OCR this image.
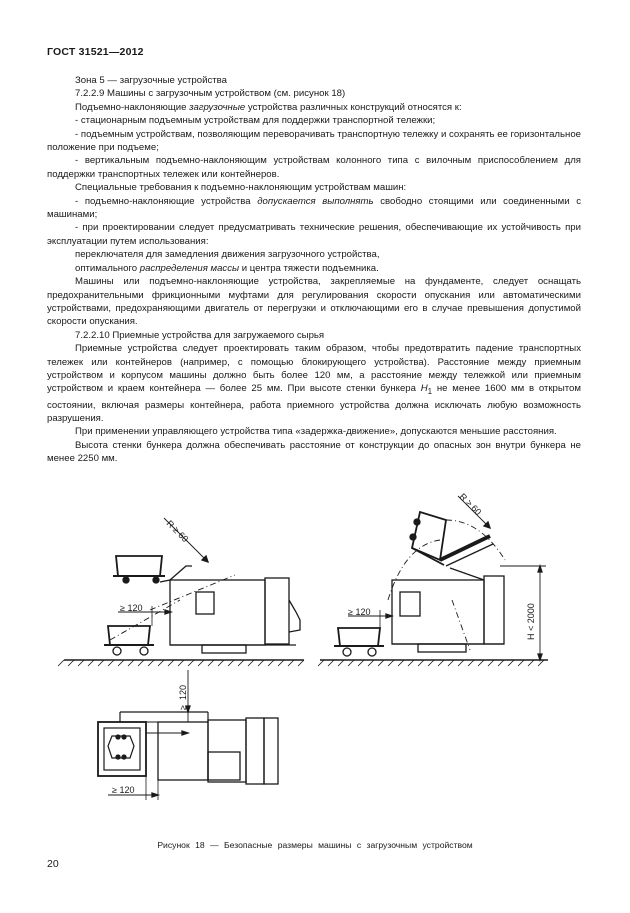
ГОСТ 31521—2012

Зона 5 — загрузочные устройства

7.2.2.9 Машины с загрузочным устройством (см. рисунок 18)

Подъемно-наклоняющие загрузочные устройства различных конструкций относятся к:

- стационарным подъемным устройствам для поддержки транспортной тележки;

- подъемным устройствам, позволяющим переворачивать транспортную тележку и сохранять ее горизонтальное положение при подъеме;

- вертикальным подъемно-наклоняющим устройствам колонного типа с вилочным приспособлением для поддержки транспортных тележек или контейнеров.

Специальные требования к подъемно-наклоняющим устройствам машин:

- подъемно-наклоняющие устройства допускается выполнять свободно стоящими или соединенными с машинами;

- при проектировании следует предусматривать технические решения, обеспечивающие их устойчивость при эксплуатации путем использования:

переключателя для замедления движения загрузочного устройства,

оптимального распределения массы и центра тяжести подъемника.

Машины или подъемно-наклоняющие устройства, закрепляемые на фундаменте, следует оснащать предохранительными фрикционными муфтами для регулирования скорости опускания или автоматическими устройствами, предохраняющими двигатель от перегрузки и отключающими его в случае превышения допустимой скорости опускания.

7.2.2.10 Приемные устройства для загружаемого сырья

Приемные устройства следует проектировать таким образом, чтобы предотвратить падение транспортных тележек или контейнеров (например, с помощью блокирующего устройства). Расстояние между приемным устройством и корпусом машины должно быть более 120 мм, а расстояние между тележкой или приемным устройством и краем контейнера — более 25 мм. При высоте стенки бункера $H_1$ не менее 1600 мм в открытом состоянии, включая размеры контейнера, работа приемного устройства должна исключать любую возможность разрушения.

При применении управляющего устройства типа «задержка-движение», допускаются меньшие расстояния.

Высота стенки бункера должна обеспечивать расстояние от конструкции до опасных зон внутри бункера не менее 2250 мм.

R ≥ 60
R ≥ 60
≥ 120	≥ 120	H < 2000
120
≥
≥ 120
Рисунок 18 — Безопасные размеры машины с загрузочным устройством
20
